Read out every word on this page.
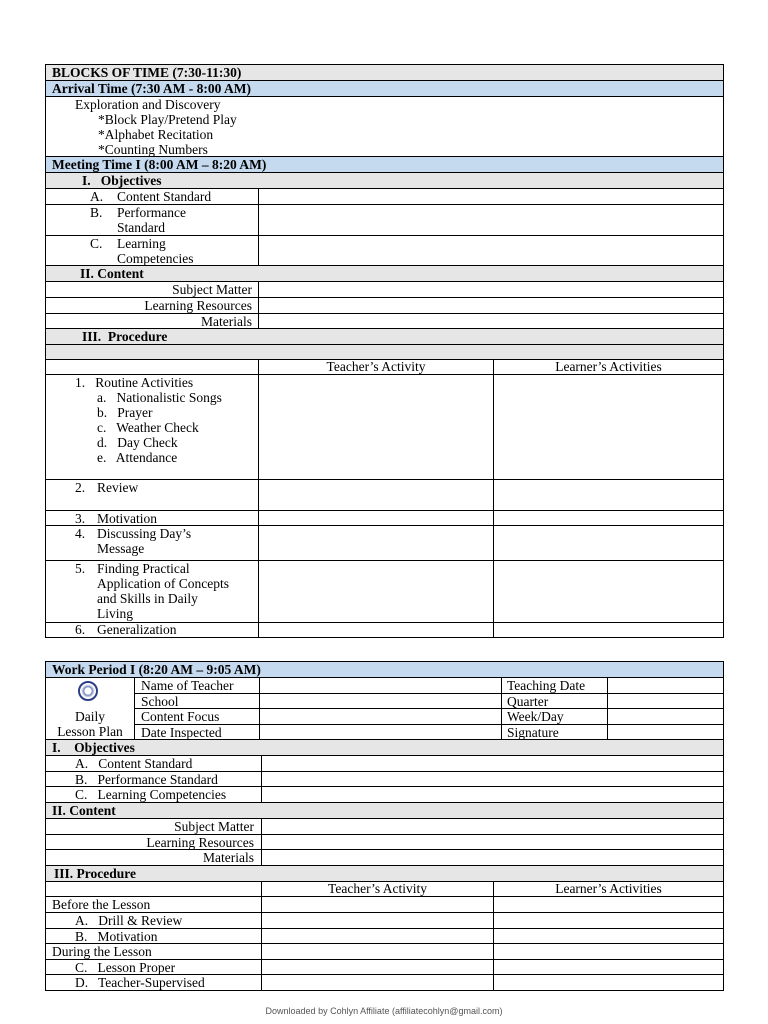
BLOCKS OF TIME (7:30-11:30)
Arrival Time (7:30 AM - 8:00 AM)
Exploration and Discovery
*Block Play/Pretend Play
*Alphabet Recitation
*Counting Numbers
Meeting Time I (8:00 AM – 8:20 AM)
I.   Objectives
A. Content Standard
B. Performance
Standard
C. Learning
Competencies
II. Content
Subject Matter
Learning Resources
Materials
III.  Procedure
Teacher’s Activity	Learner’s Activities
1.   Routine Activities
a.   Nationalistic Songs
b.   Prayer
c.   Weather Check
d.   Day Check
e.   Attendance
2. Review
3. Motivation
4. Discussing Day’s
Message
5. Finding Practical
Application of Concepts
and Skills in Daily
Living
6. Generalization
Work Period I (8:20 AM – 9:05 AM)
Daily
Lesson Plan
Name of Teacher	Teaching Date
School	Quarter
Content Focus	Week/Day
Date Inspected	Signature
I.    Objectives
A.   Content Standard
B.   Performance Standard
C.   Learning Competencies
II. Content
Subject Matter
Learning Resources
Materials
III. Procedure
Teacher’s Activity	Learner’s Activities
Before the Lesson
A.   Drill & Review
B.   Motivation
During the Lesson
C.   Lesson Proper
D.   Teacher-Supervised
Downloaded by Cohlyn Affiliate (affiliatecohlyn@gmail.com)
